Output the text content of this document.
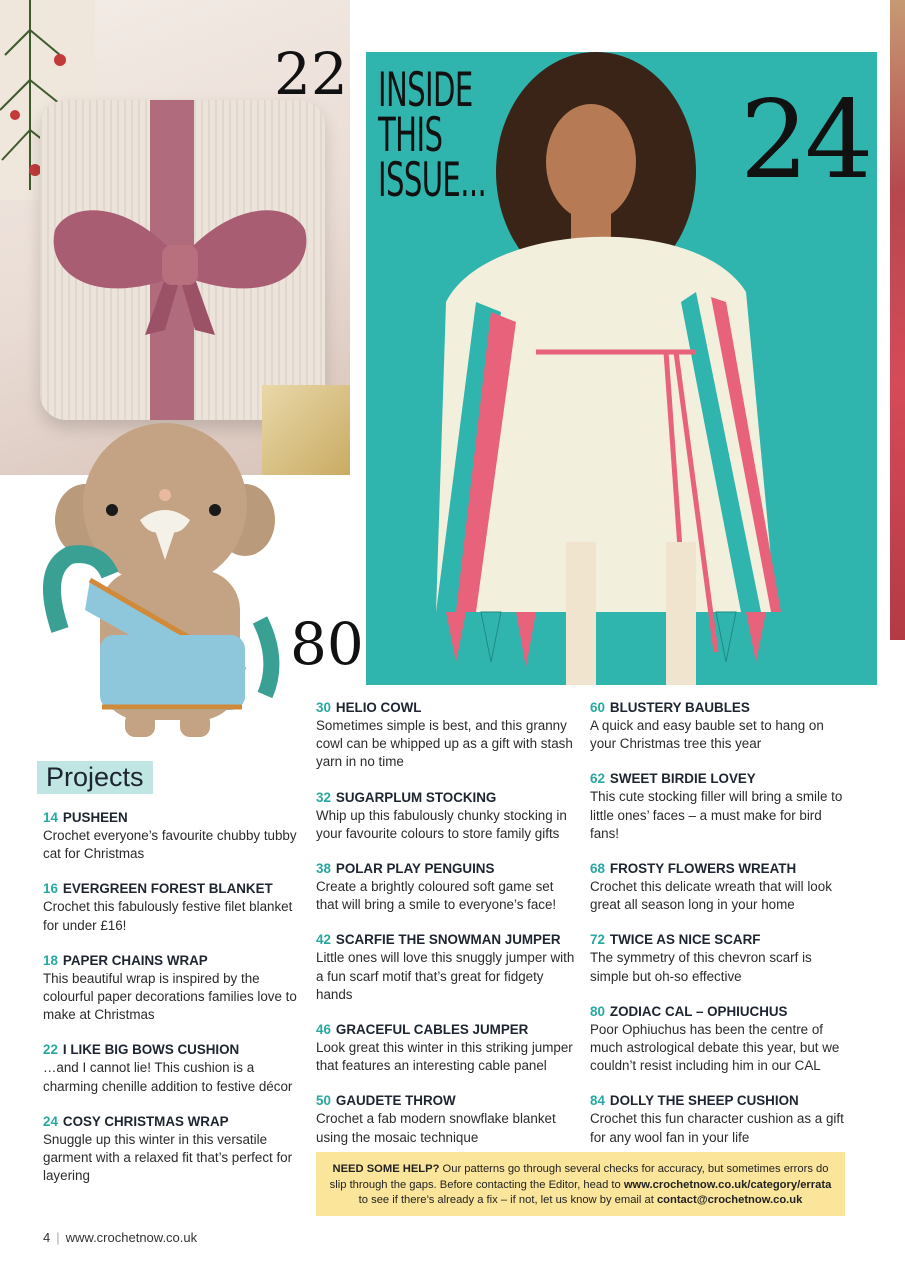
22 INSIDE
THIS
ISSUE... 24
80
Projects
14 PUSHEEN

Crochet everyone’s favourite chubby tubby cat for Christmas

16 EVERGREEN FOREST BLANKET

Crochet this fabulously festive filet blanket for under £16!

18 PAPER CHAINS WRAP

This beautiful wrap is inspired by the colourful paper decorations families love to make at Christmas

22 I LIKE BIG BOWS CUSHION

…and I cannot lie! This cushion is a charming chenille addition to festive décor

24 COSY CHRISTMAS WRAP

Snuggle up this winter in this versatile garment with a relaxed fit that’s perfect for layering

30 HELIO COWL

Sometimes simple is best, and this granny cowl can be whipped up as a gift with stash yarn in no time

32 SUGARPLUM STOCKING

Whip up this fabulously chunky stocking in your favourite colours to store family gifts

38 POLAR PLAY PENGUINS

Create a brightly coloured soft game set that will bring a smile to everyone’s face!

42 SCARFIE THE SNOWMAN JUMPER

Little ones will love this snuggly jumper with a fun scarf motif that’s great for fidgety hands

46 GRACEFUL CABLES JUMPER

Look great this winter in this striking jumper that features an interesting cable panel

50 GAUDETE THROW

Crochet a fab modern snowflake blanket using the mosaic technique

60 BLUSTERY BAUBLES

A quick and easy bauble set to hang on your Christmas tree this year

62 SWEET BIRDIE LOVEY

This cute stocking filler will bring a smile to little ones’ faces – a must make for bird fans!

68 FROSTY FLOWERS WREATH

Crochet this delicate wreath that will look great all season long in your home

72 TWICE AS NICE SCARF

The symmetry of this chevron scarf is simple but oh-so effective

80 ZODIAC CAL – OPHIUCHUS

Poor Ophiuchus has been the centre of much astrological debate this year, but we couldn’t resist including him in our CAL

84 DOLLY THE SHEEP CUSHION

Crochet this fun character cushion as a gift for any wool fan in your life

NEED SOME HELP? Our patterns go through several checks for accuracy, but sometimes errors do slip through the gaps. Before contacting the Editor, head to www.crochetnow.co.uk/category/errata to see if there’s already a fix – if not, let us know by email at contact@crochetnow.co.uk
4 | www.crochetnow.co.uk
